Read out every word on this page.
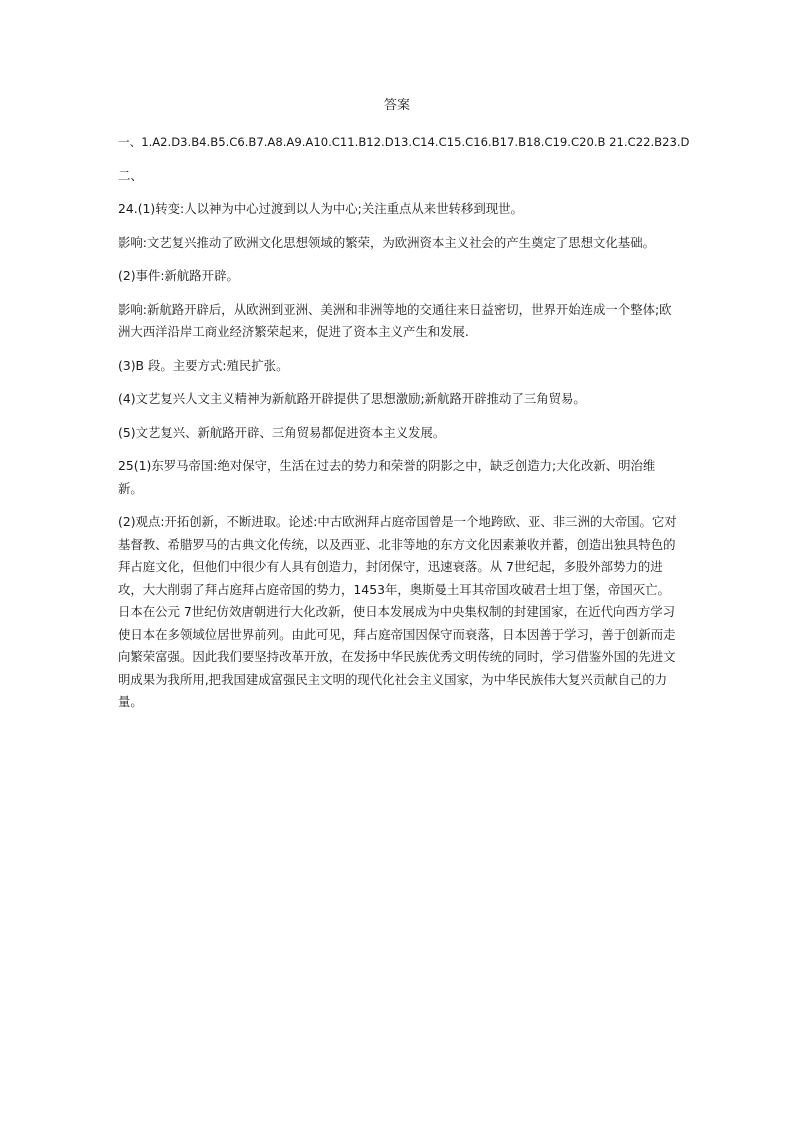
答案

一、1.A2.D3.B4.B5.C6.B7.A8.A9.A10.C11.B12.D13.C14.C15.C16.B17.B18.C19.C20.B 21.C22.B23.D

二、

24.(1)转变:人以神为中心过渡到以人为中心;关注重点从来世转移到现世。

影响:文艺复兴推动了欧洲文化思想领域的繁荣，为欧洲资本主义社会的产生奠定了思想文化基础。

(2)事件:新航路开辟。

影响:新航路开辟后，从欧洲到亚洲、美洲和非洲等地的交通往来日益密切，世界开始连成一个整体;欧洲大西洋沿岸工商业经济繁荣起来，促进了资本主义产生和发展.

(3)B 段。主要方式:殖民扩张。

(4)文艺复兴人文主义精神为新航路开辟提供了思想激励;新航路开辟推动了三角贸易。

(5)文艺复兴、新航路开辟、三角贸易都促进资本主义发展。

25(1)东罗马帝国:绝对保守，生活在过去的势力和荣誉的阴影之中，缺乏创造力;大化改新、明治维新。

(2)观点:开拓创新，不断进取。论述:中古欧洲拜占庭帝国曾是一个地跨欧、亚、非三洲的大帝国。它对基督教、希腊罗马的古典文化传统，以及西亚、北非等地的东方文化因素兼收并蓄，创造出独具特色的拜占庭文化，但他们中很少有人具有创造力，封闭保守，迅速衰落。从 7世纪起，多股外部势力的进攻，大大削弱了拜占庭拜占庭帝国的势力，1453年，奥斯曼土耳其帝国攻破君士坦丁堡，帝国灭亡。日本在公元 7世纪仿效唐朝进行大化改新，使日本发展成为中央集权制的封建国家，在近代向西方学习使日本在多领域位居世界前列。由此可见，拜占庭帝国因保守而衰落，日本因善于学习，善于创新而走向繁荣富强。因此我们要坚持改革开放，在发扬中华民族优秀文明传统的同时，学习借鉴外国的先进文明成果为我所用,把我国建成富强民主文明的现代化社会主义国家，为中华民族伟大复兴贡献自己的力量。
